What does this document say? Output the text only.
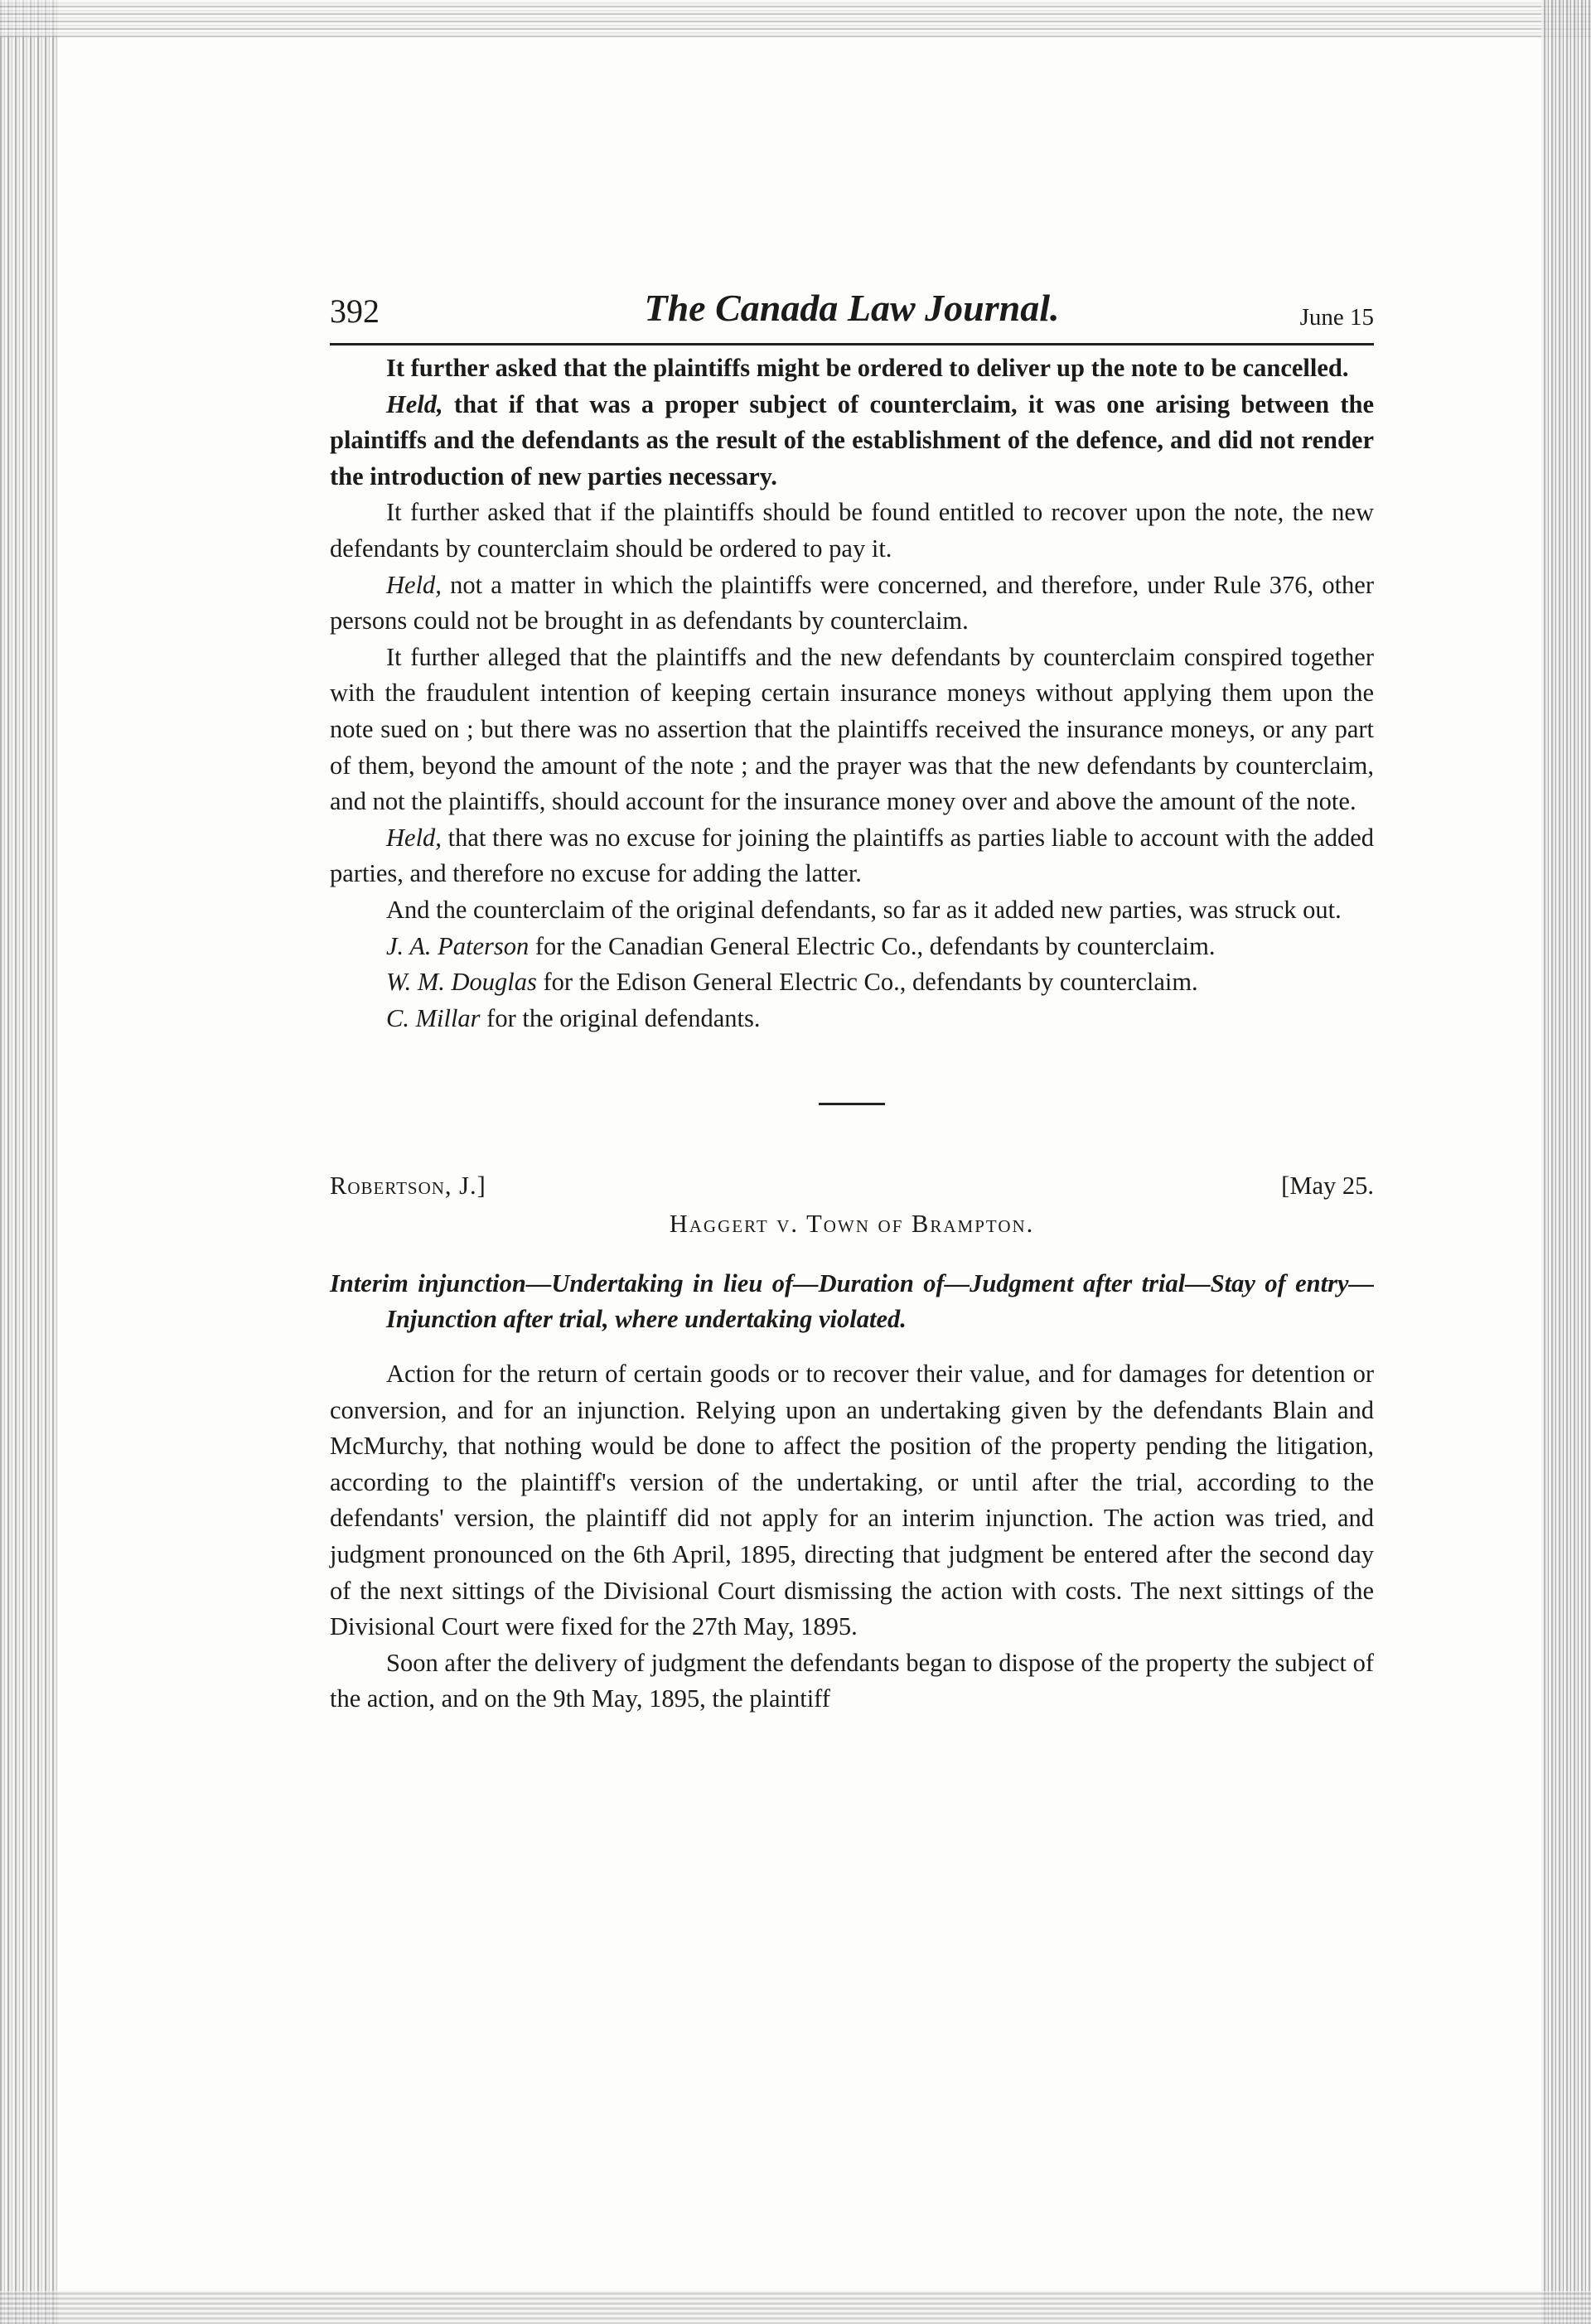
392	The Canada Law Journal.	June 15

It further asked that the plaintiffs might be ordered to deliver up the note to be cancelled.

Held, that if that was a proper subject of counterclaim, it was one arising between the plaintiffs and the defendants as the result of the establishment of the defence, and did not render the introduction of new parties necessary.

It further asked that if the plaintiffs should be found entitled to recover upon the note, the new defendants by counterclaim should be ordered to pay it.

Held, not a matter in which the plaintiffs were concerned, and therefore, under Rule 376, other persons could not be brought in as defendants by counterclaim.

It further alleged that the plaintiffs and the new defendants by counterclaim conspired together with the fraudulent intention of keeping certain insurance moneys without applying them upon the note sued on ; but there was no assertion that the plaintiffs received the insurance moneys, or any part of them, beyond the amount of the note ; and the prayer was that the new defendants by counterclaim, and not the plaintiffs, should account for the insurance money over and above the amount of the note.

Held, that there was no excuse for joining the plaintiffs as parties liable to account with the added parties, and therefore no excuse for adding the latter.

And the counterclaim of the original defendants, so far as it added new parties, was struck out.

J. A. Paterson for the Canadian General Electric Co., defendants by counterclaim.

W. M. Douglas for the Edison General Electric Co., defendants by counterclaim.

C. Millar for the original defendants.

Robertson, J.]	[May 25.
Haggert v. Town of Brampton.
Interim injunction—Undertaking in lieu of—Duration of—Judgment after trial—Stay of entry—Injunction after trial, where undertaking violated.

Action for the return of certain goods or to recover their value, and for damages for detention or conversion, and for an injunction. Relying upon an undertaking given by the defendants Blain and McMurchy, that nothing would be done to affect the position of the property pending the litigation, according to the plaintiff's version of the undertaking, or until after the trial, according to the defendants' version, the plaintiff did not apply for an interim injunction. The action was tried, and judgment pronounced on the 6th April, 1895, directing that judgment be entered after the second day of the next sittings of the Divisional Court dismissing the action with costs. The next sittings of the Divisional Court were fixed for the 27th May, 1895.

Soon after the delivery of judgment the defendants began to dispose of the property the subject of the action, and on the 9th May, 1895, the plaintiff
